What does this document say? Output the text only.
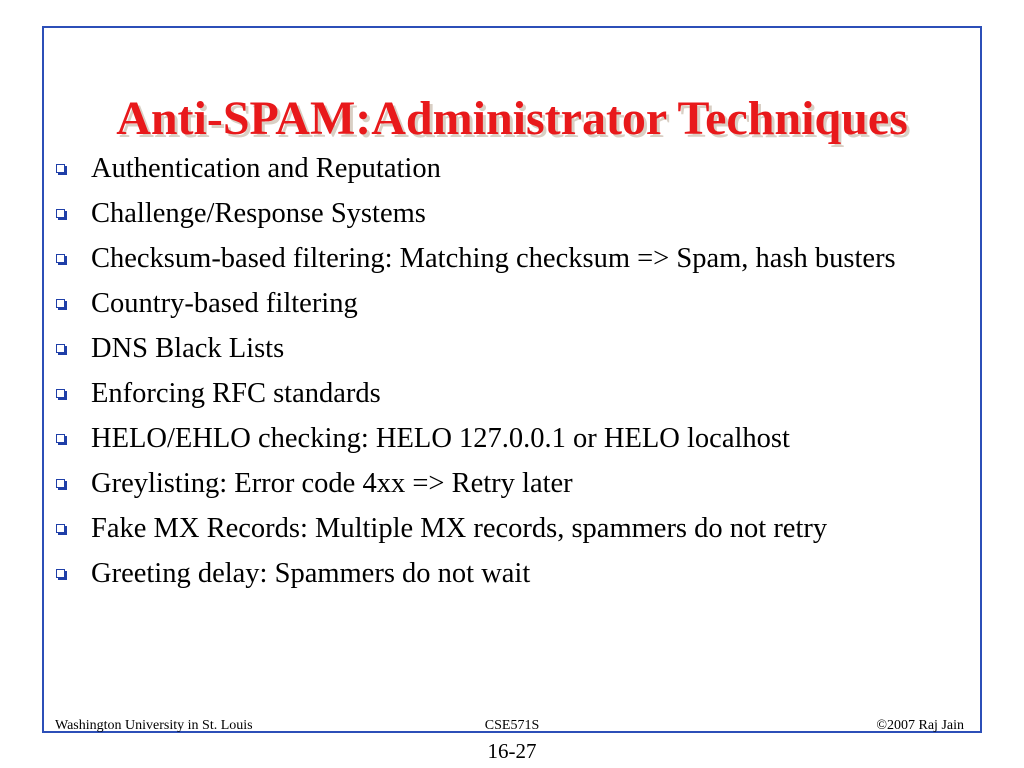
Anti-SPAM:Administrator Techniques
Authentication and Reputation
Challenge/Response Systems
Checksum-based filtering: Matching checksum => Spam, hash busters
Country-based filtering
DNS Black Lists
Enforcing RFC standards
HELO/EHLO checking: HELO 127.0.0.1 or HELO localhost
Greylisting: Error code 4xx => Retry later
Fake MX Records: Multiple MX records, spammers do not retry
Greeting delay: Spammers do not wait
Washington University in St. Louis	CSE571S	©2007 Raj Jain
16-27
